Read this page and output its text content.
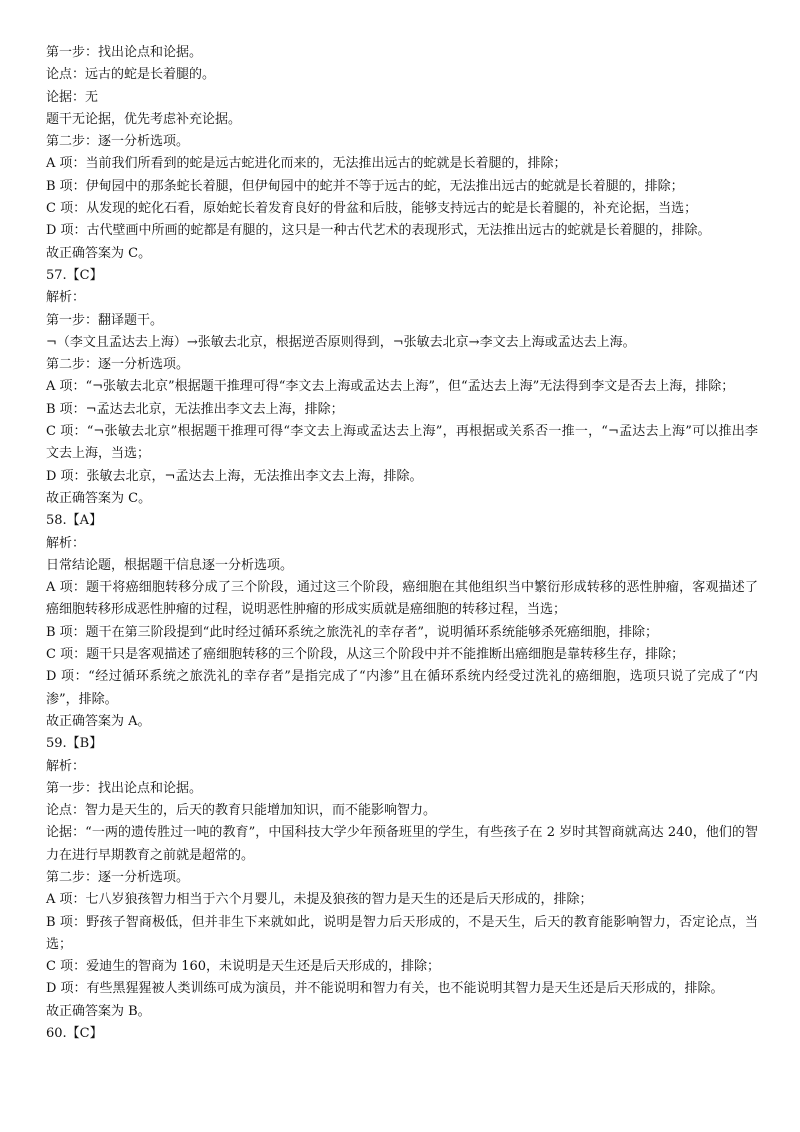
第一步：找出论点和论据。
论点：远古的蛇是长着腿的。
论据：无
题干无论据，优先考虑补充论据。
第二步：逐一分析选项。
A 项：当前我们所看到的蛇是远古蛇进化而来的，无法推出远古的蛇就是长着腿的，排除；
B 项：伊甸园中的那条蛇长着腿，但伊甸园中的蛇并不等于远古的蛇，无法推出远古的蛇就是长着腿的，排除；
C 项：从发现的蛇化石看，原始蛇长着发育良好的骨盆和后肢，能够支持远古的蛇是长着腿的，补充论据，当选；
D 项：古代壁画中所画的蛇都是有腿的，这只是一种古代艺术的表现形式，无法推出远古的蛇就是长着腿的，排除。
故正确答案为 C。
57.【C】
解析：
第一步：翻译题干。
¬（李文且孟达去上海）→张敏去北京，根据逆否原则得到，¬张敏去北京→李文去上海或孟达去上海。
第二步：逐一分析选项。
A 项：“¬张敏去北京”根据题干推理可得“李文去上海或孟达去上海”，但“孟达去上海”无法得到李文是否去上海，排除；
B 项：¬孟达去北京，无法推出李文去上海，排除；
C 项：“¬张敏去北京”根据题干推理可得“李文去上海或孟达去上海”，再根据或关系否一推一，“¬孟达去上海”可以推出李文去上海，当选；
D 项：张敏去北京，¬孟达去上海，无法推出李文去上海，排除。
故正确答案为 C。
58.【A】
解析：
日常结论题，根据题干信息逐一分析选项。
A 项：题干将癌细胞转移分成了三个阶段，通过这三个阶段，癌细胞在其他组织当中繁衍形成转移的恶性肿瘤，客观描述了癌细胞转移形成恶性肿瘤的过程，说明恶性肿瘤的形成实质就是癌细胞的转移过程，当选；
B 项：题干在第三阶段提到“此时经过循环系统之旅洗礼的幸存者”，说明循环系统能够杀死癌细胞，排除；
C 项：题干只是客观描述了癌细胞转移的三个阶段，从这三个阶段中并不能推断出癌细胞是靠转移生存，排除；
D 项：“经过循环系统之旅洗礼的幸存者”是指完成了“内渗”且在循环系统内经受过洗礼的癌细胞，选项只说了完成了“内渗”，排除。
故正确答案为 A。
59.【B】
解析：
第一步：找出论点和论据。
论点：智力是天生的，后天的教育只能增加知识，而不能影响智力。
论据：“一两的遗传胜过一吨的教育”，中国科技大学少年预备班里的学生，有些孩子在 2 岁时其智商就高达 240，他们的智力在进行早期教育之前就是超常的。
第二步：逐一分析选项。
A 项：七八岁狼孩智力相当于六个月婴儿，未提及狼孩的智力是天生的还是后天形成的，排除；
B 项：野孩子智商极低，但并非生下来就如此，说明是智力后天形成的，不是天生，后天的教育能影响智力，否定论点，当选；
C 项：爱迪生的智商为 160，未说明是天生还是后天形成的，排除；
D 项：有些黑猩猩被人类训练可成为演员，并不能说明和智力有关，也不能说明其智力是天生还是后天形成的，排除。
故正确答案为 B。
60.【C】
